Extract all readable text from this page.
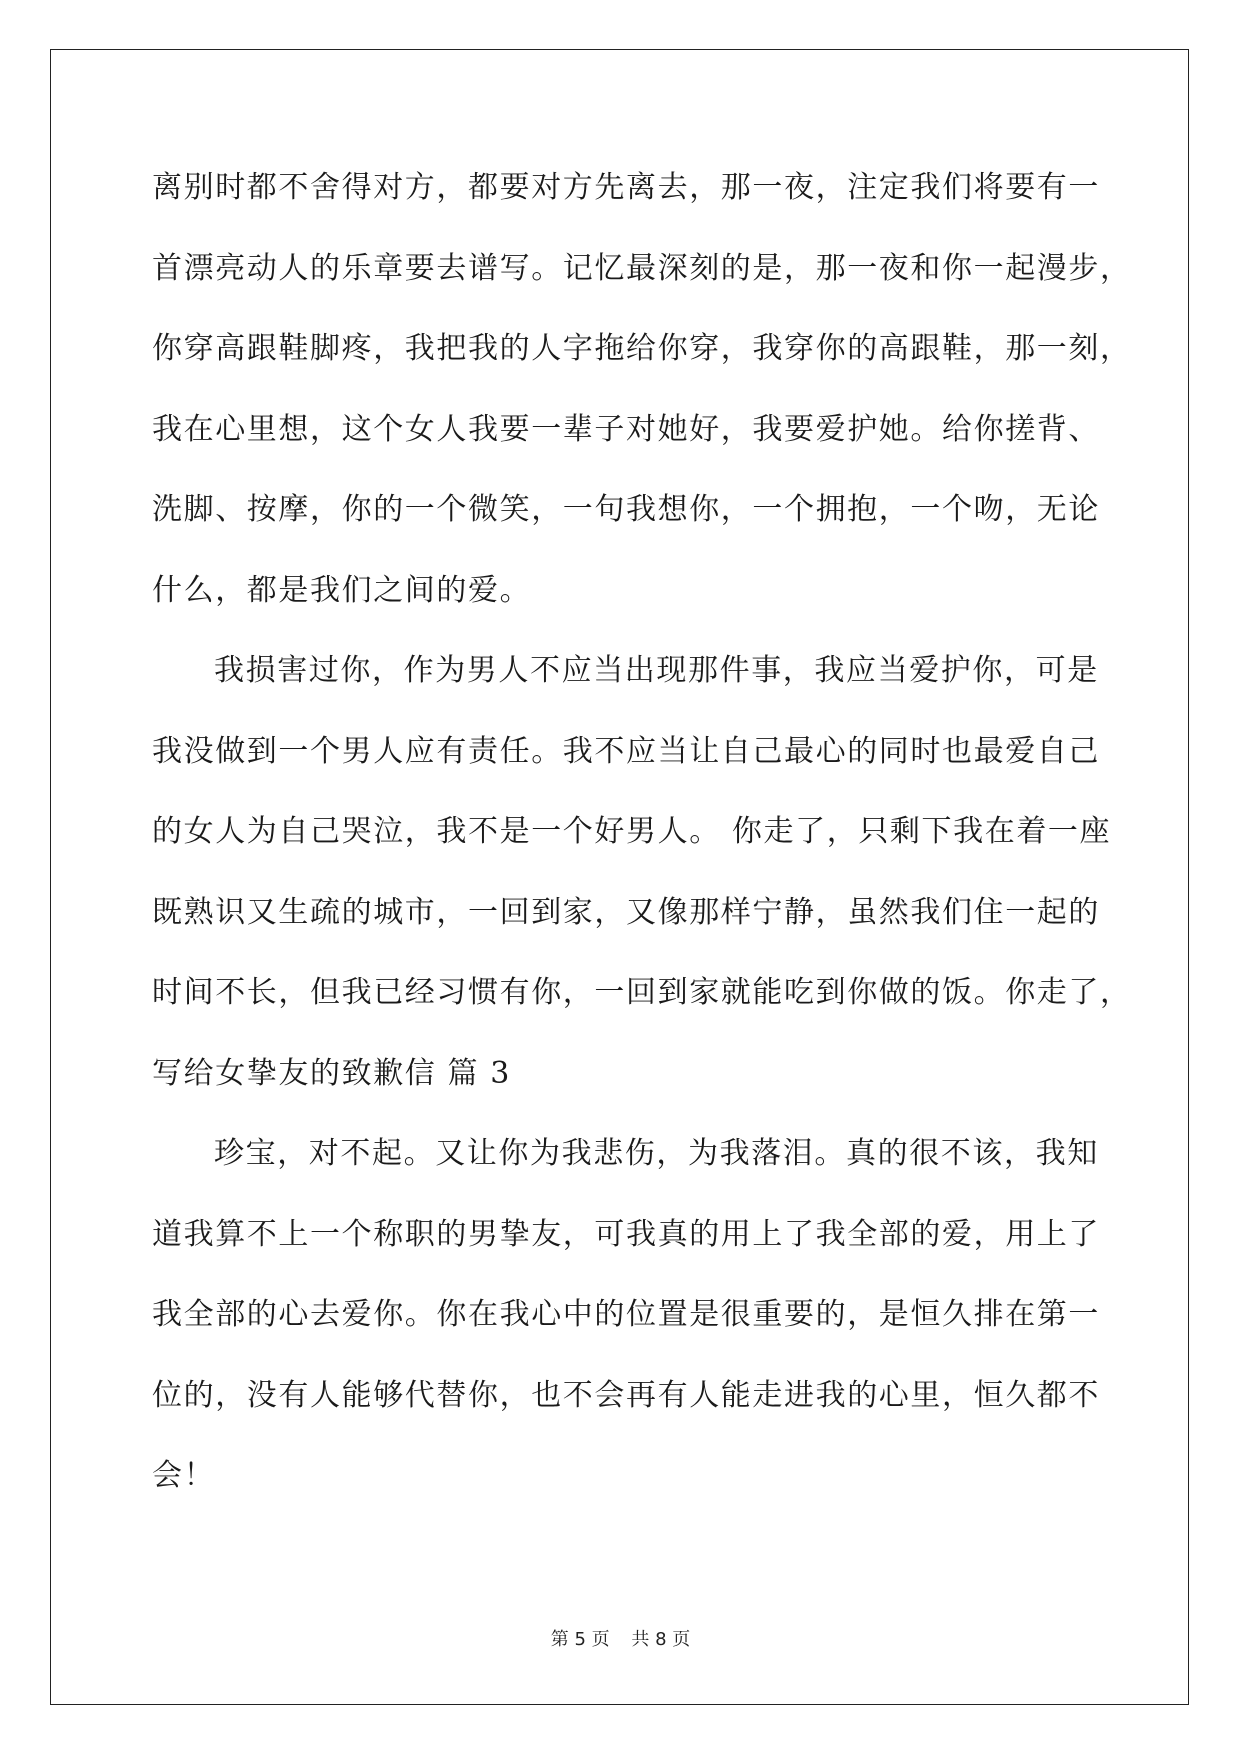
离别时都不舍得对方，都要对方先离去，那一夜，注定我们将要有一
首漂亮动人的乐章要去谱写。记忆最深刻的是，那一夜和你一起漫步，
你穿高跟鞋脚疼，我把我的人字拖给你穿，我穿你的高跟鞋，那一刻，
我在心里想，这个女人我要一辈子对她好，我要爱护她。给你搓背、
洗脚、按摩，你的一个微笑，一句我想你，一个拥抱，一个吻，无论
什么，都是我们之间的爱。
我损害过你，作为男人不应当出现那件事，我应当爱护你，可是
我没做到一个男人应有责任。我不应当让自己最心的同时也最爱自己
的女人为自己哭泣，我不是一个好男人。 你走了，只剩下我在着一座
既熟识又生疏的城市，一回到家，又像那样宁静，虽然我们住一起的
时间不长，但我已经习惯有你，一回到家就能吃到你做的饭。你走了，
写给女挚友的致歉信 篇 3
珍宝，对不起。又让你为我悲伤，为我落泪。真的很不该，我知
道我算不上一个称职的男挚友，可我真的用上了我全部的爱，用上了
我全部的心去爱你。你在我心中的位置是很重要的，是恒久排在第一
位的，没有人能够代替你，也不会再有人能走进我的心里，恒久都不
会！
第 5 页 共 8 页
